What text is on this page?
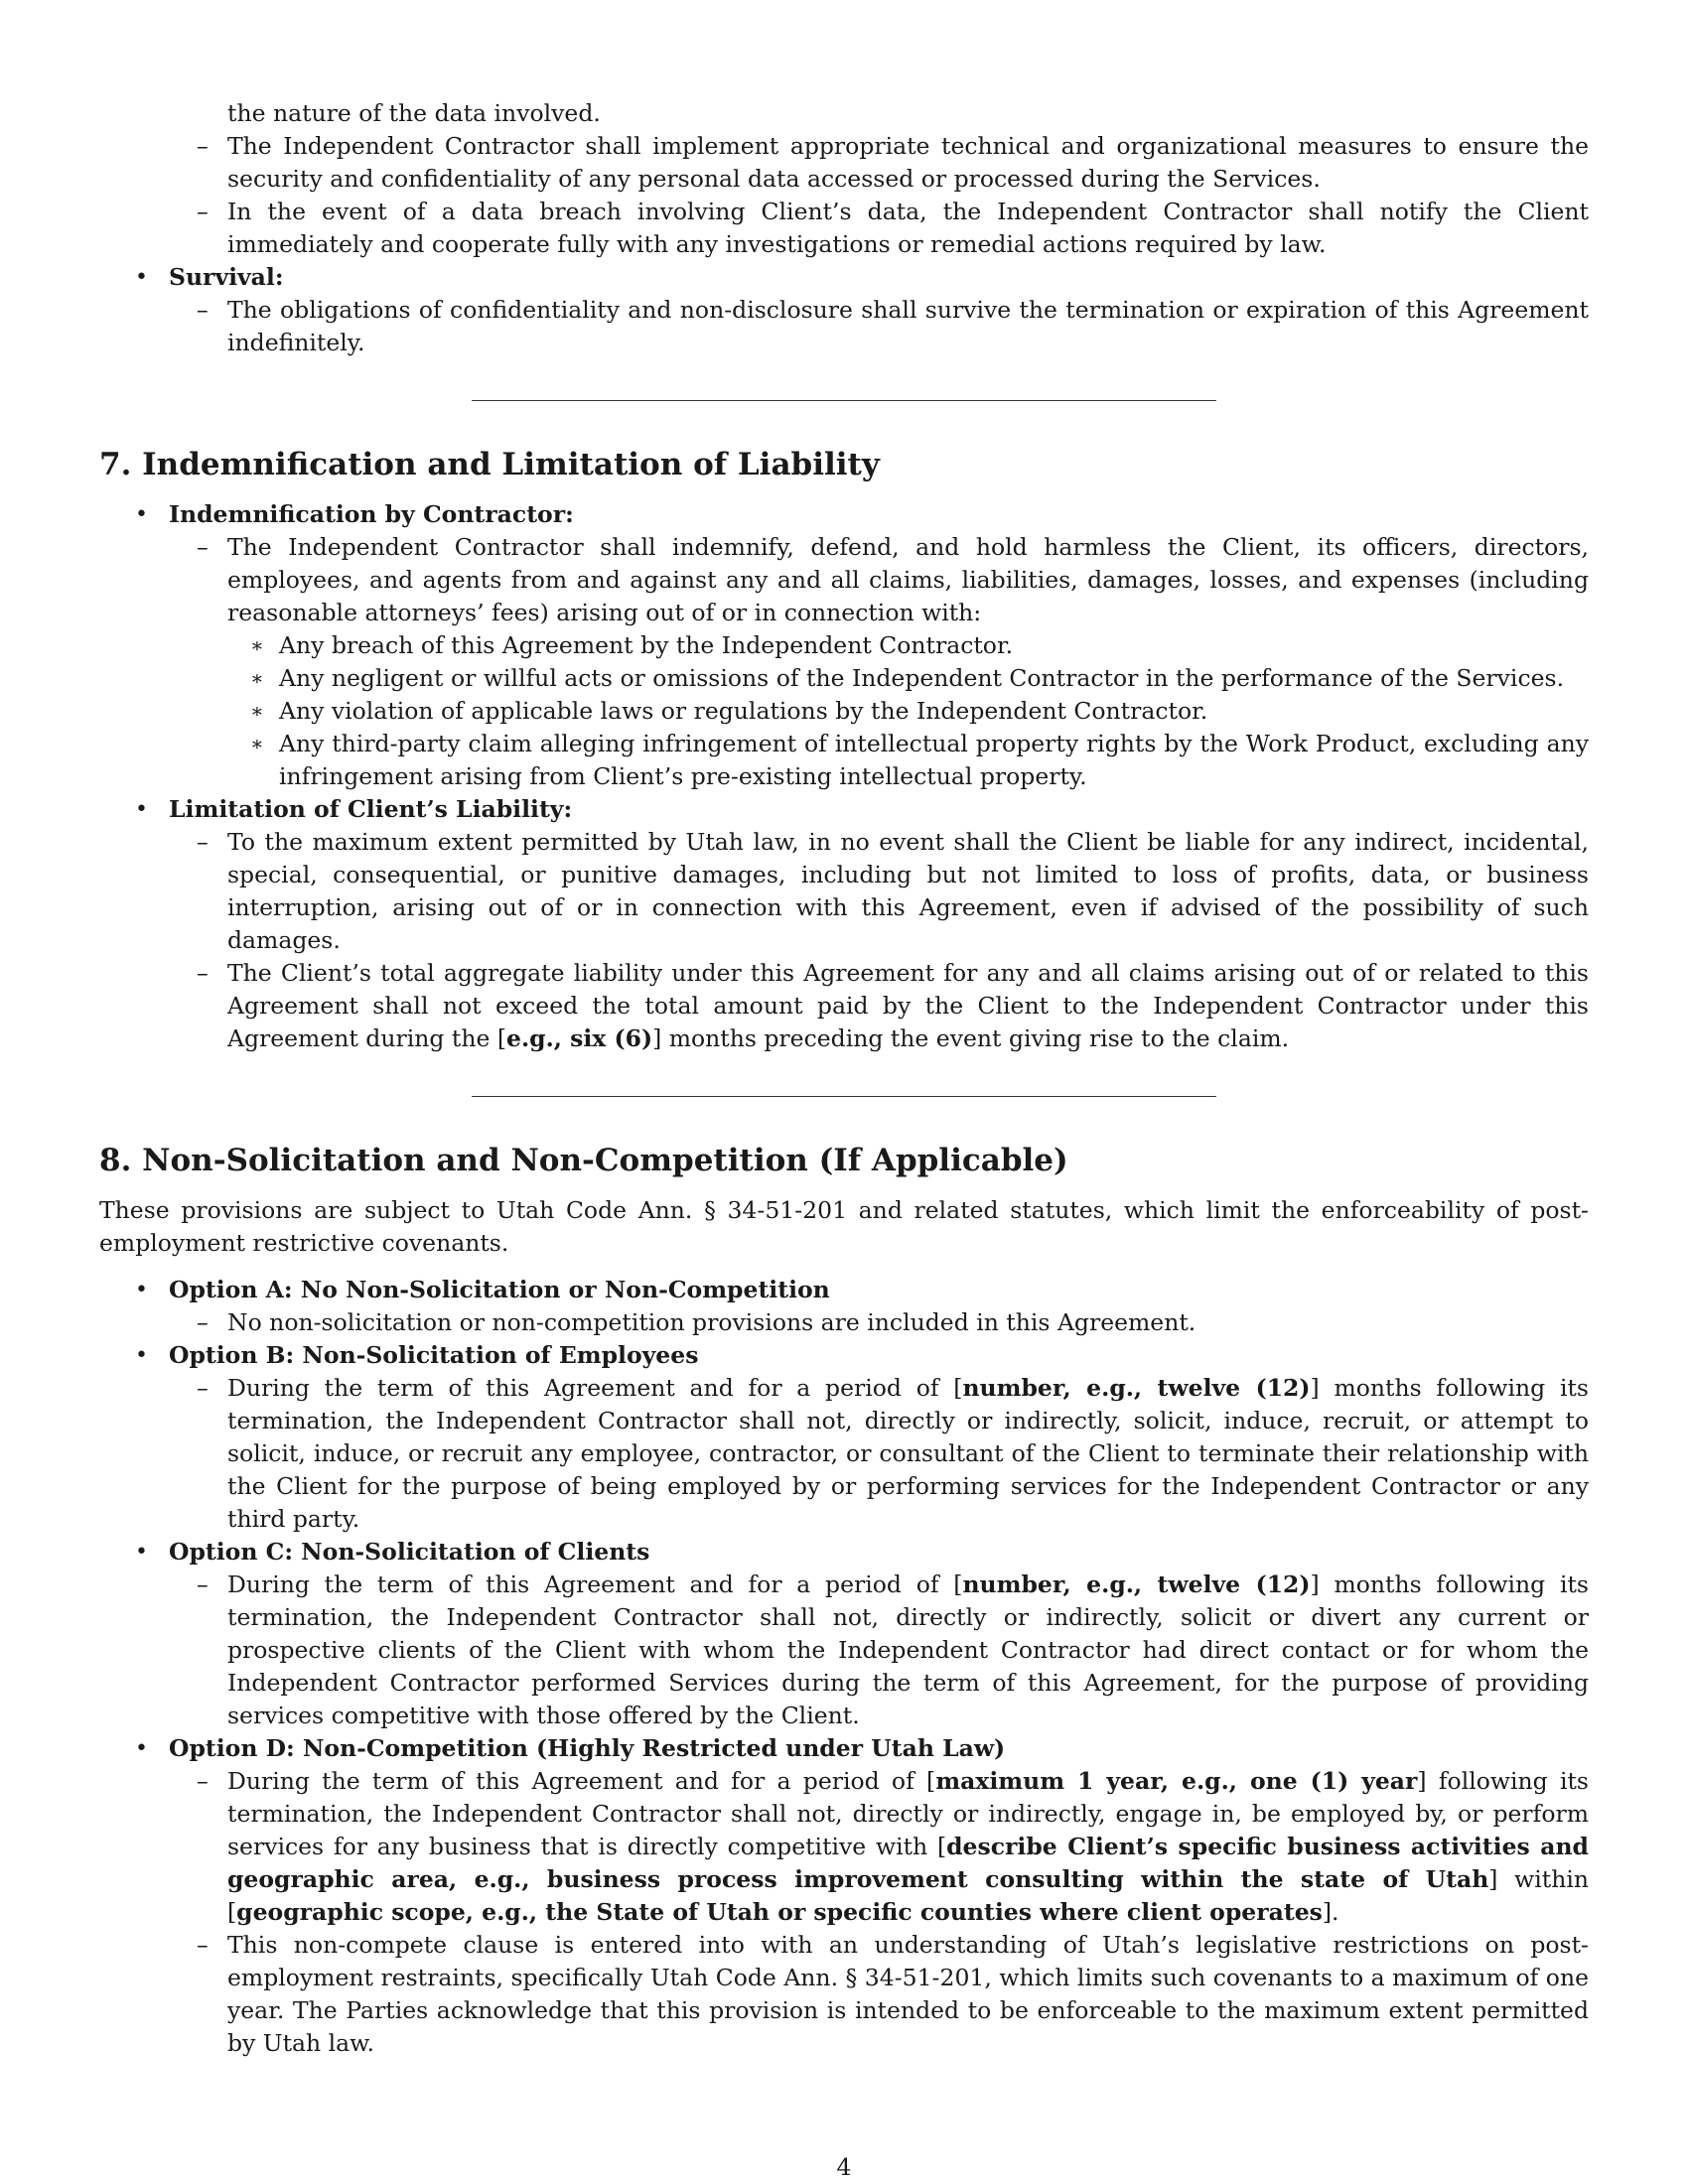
the nature of the data involved.

– The Independent Contractor shall implement appropriate technical and organizational measures to ensure the security and confidentiality of any personal data accessed or processed during the Services.

– In the event of a data breach involving Client’s data, the Independent Contractor shall notify the Client immediately and cooperate fully with any investigations or remedial actions required by law.

• Survival:

– The obligations of confidentiality and non-disclosure shall survive the termination or expiration of this Agreement indefinitely.

7. Indemnification and Limitation of Liability

• Indemnification by Contractor:

– The Independent Contractor shall indemnify, defend, and hold harmless the Client, its officers, directors, employees, and agents from and against any and all claims, liabilities, damages, losses, and expenses (including reasonable attorneys’ fees) arising out of or in connection with:

∗ Any breach of this Agreement by the Independent Contractor.

∗ Any negligent or willful acts or omissions of the Independent Contractor in the performance of the Services.

∗ Any violation of applicable laws or regulations by the Independent Contractor.

∗ Any third-party claim alleging infringement of intellectual property rights by the Work Product, excluding any infringement arising from Client’s pre-existing intellectual property.

• Limitation of Client’s Liability:

– To the maximum extent permitted by Utah law, in no event shall the Client be liable for any indirect, incidental, special, consequential, or punitive damages, including but not limited to loss of profits, data, or business interruption, arising out of or in connection with this Agreement, even if advised of the possibility of such damages.

– The Client’s total aggregate liability under this Agreement for any and all claims arising out of or related to this Agreement shall not exceed the total amount paid by the Client to the Independent Contractor under this Agreement during the [e.g., six (6)] months preceding the event giving rise to the claim.

8. Non-Solicitation and Non-Competition (If Applicable)

These provisions are subject to Utah Code Ann. § 34-51-201 and related statutes, which limit the enforceability of post-employment restrictive covenants.

• Option A: No Non-Solicitation or Non-Competition

– No non-solicitation or non-competition provisions are included in this Agreement.

• Option B: Non-Solicitation of Employees

– During the term of this Agreement and for a period of [number, e.g., twelve (12)] months following its termination, the Independent Contractor shall not, directly or indirectly, solicit, induce, recruit, or attempt to solicit, induce, or recruit any employee, contractor, or consultant of the Client to terminate their relationship with the Client for the purpose of being employed by or performing services for the Independent Contractor or any third party.

• Option C: Non-Solicitation of Clients

– During the term of this Agreement and for a period of [number, e.g., twelve (12)] months following its termination, the Independent Contractor shall not, directly or indirectly, solicit or divert any current or prospective clients of the Client with whom the Independent Contractor had direct contact or for whom the Independent Contractor performed Services during the term of this Agreement, for the purpose of providing services competitive with those offered by the Client.

• Option D: Non-Competition (Highly Restricted under Utah Law)

– During the term of this Agreement and for a period of [maximum 1 year, e.g., one (1) year] following its termination, the Independent Contractor shall not, directly or indirectly, engage in, be employed by, or perform services for any business that is directly competitive with [describe Client’s specific business activities and geographic area, e.g., business process improvement consulting within the state of Utah] within [geographic scope, e.g., the State of Utah or specific counties where client operates].

– This non-compete clause is entered into with an understanding of Utah’s legislative restrictions on post-employment restraints, specifically Utah Code Ann. § 34-51-201, which limits such covenants to a maximum of one year. The Parties acknowledge that this provision is intended to be enforceable to the maximum extent permitted by Utah law.

4
